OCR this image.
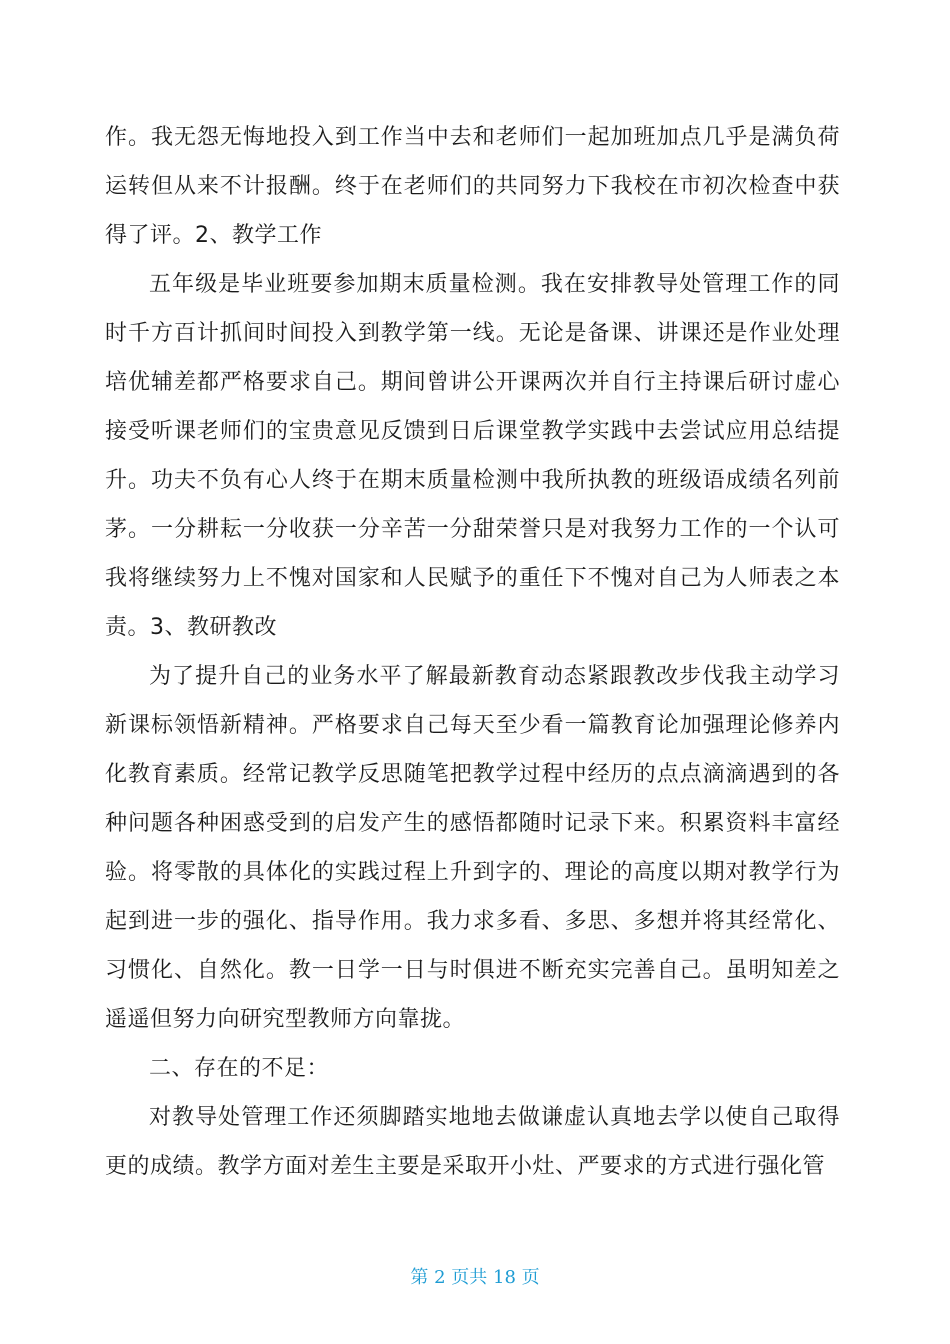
作。我无怨无悔地投入到工作当中去和老师们一起加班加点几乎是满负荷运转但从来不计报酬。终于在老师们的共同努力下我校在市初次检查中获得了评。2、教学工作

五年级是毕业班要参加期末质量检测。我在安排教导处管理工作的同时千方百计抓间时间投入到教学第一线。无论是备课、讲课还是作业处理培优辅差都严格要求自己。期间曾讲公开课两次并自行主持课后研讨虚心接受听课老师们的宝贵意见反馈到日后课堂教学实践中去尝试应用总结提升。功夫不负有心人终于在期末质量检测中我所执教的班级语成绩名列前茅。一分耕耘一分收获一分辛苦一分甜荣誉只是对我努力工作的一个认可我将继续努力上不愧对国家和人民赋予的重任下不愧对自己为人师表之本责。3、教研教改

为了提升自己的业务水平了解最新教育动态紧跟教改步伐我主动学习新课标领悟新精神。严格要求自己每天至少看一篇教育论加强理论修养内化教育素质。经常记教学反思随笔把教学过程中经历的点点滴滴遇到的各种问题各种困惑受到的启发产生的感悟都随时记录下来。积累资料丰富经验。将零散的具体化的实践过程上升到字的、理论的高度以期对教学行为起到进一步的强化、指导作用。我力求多看、多思、多想并将其经常化、习惯化、自然化。教一日学一日与时俱进不断充实完善自己。虽明知差之遥遥但努力向研究型教师方向靠拢。

二、存在的不足：

对教导处管理工作还须脚踏实地地去做谦虚认真地去学以使自己取得更的成绩。教学方面对差生主要是采取开小灶、严要求的方式进行强化管

第 2 页共 18 页
